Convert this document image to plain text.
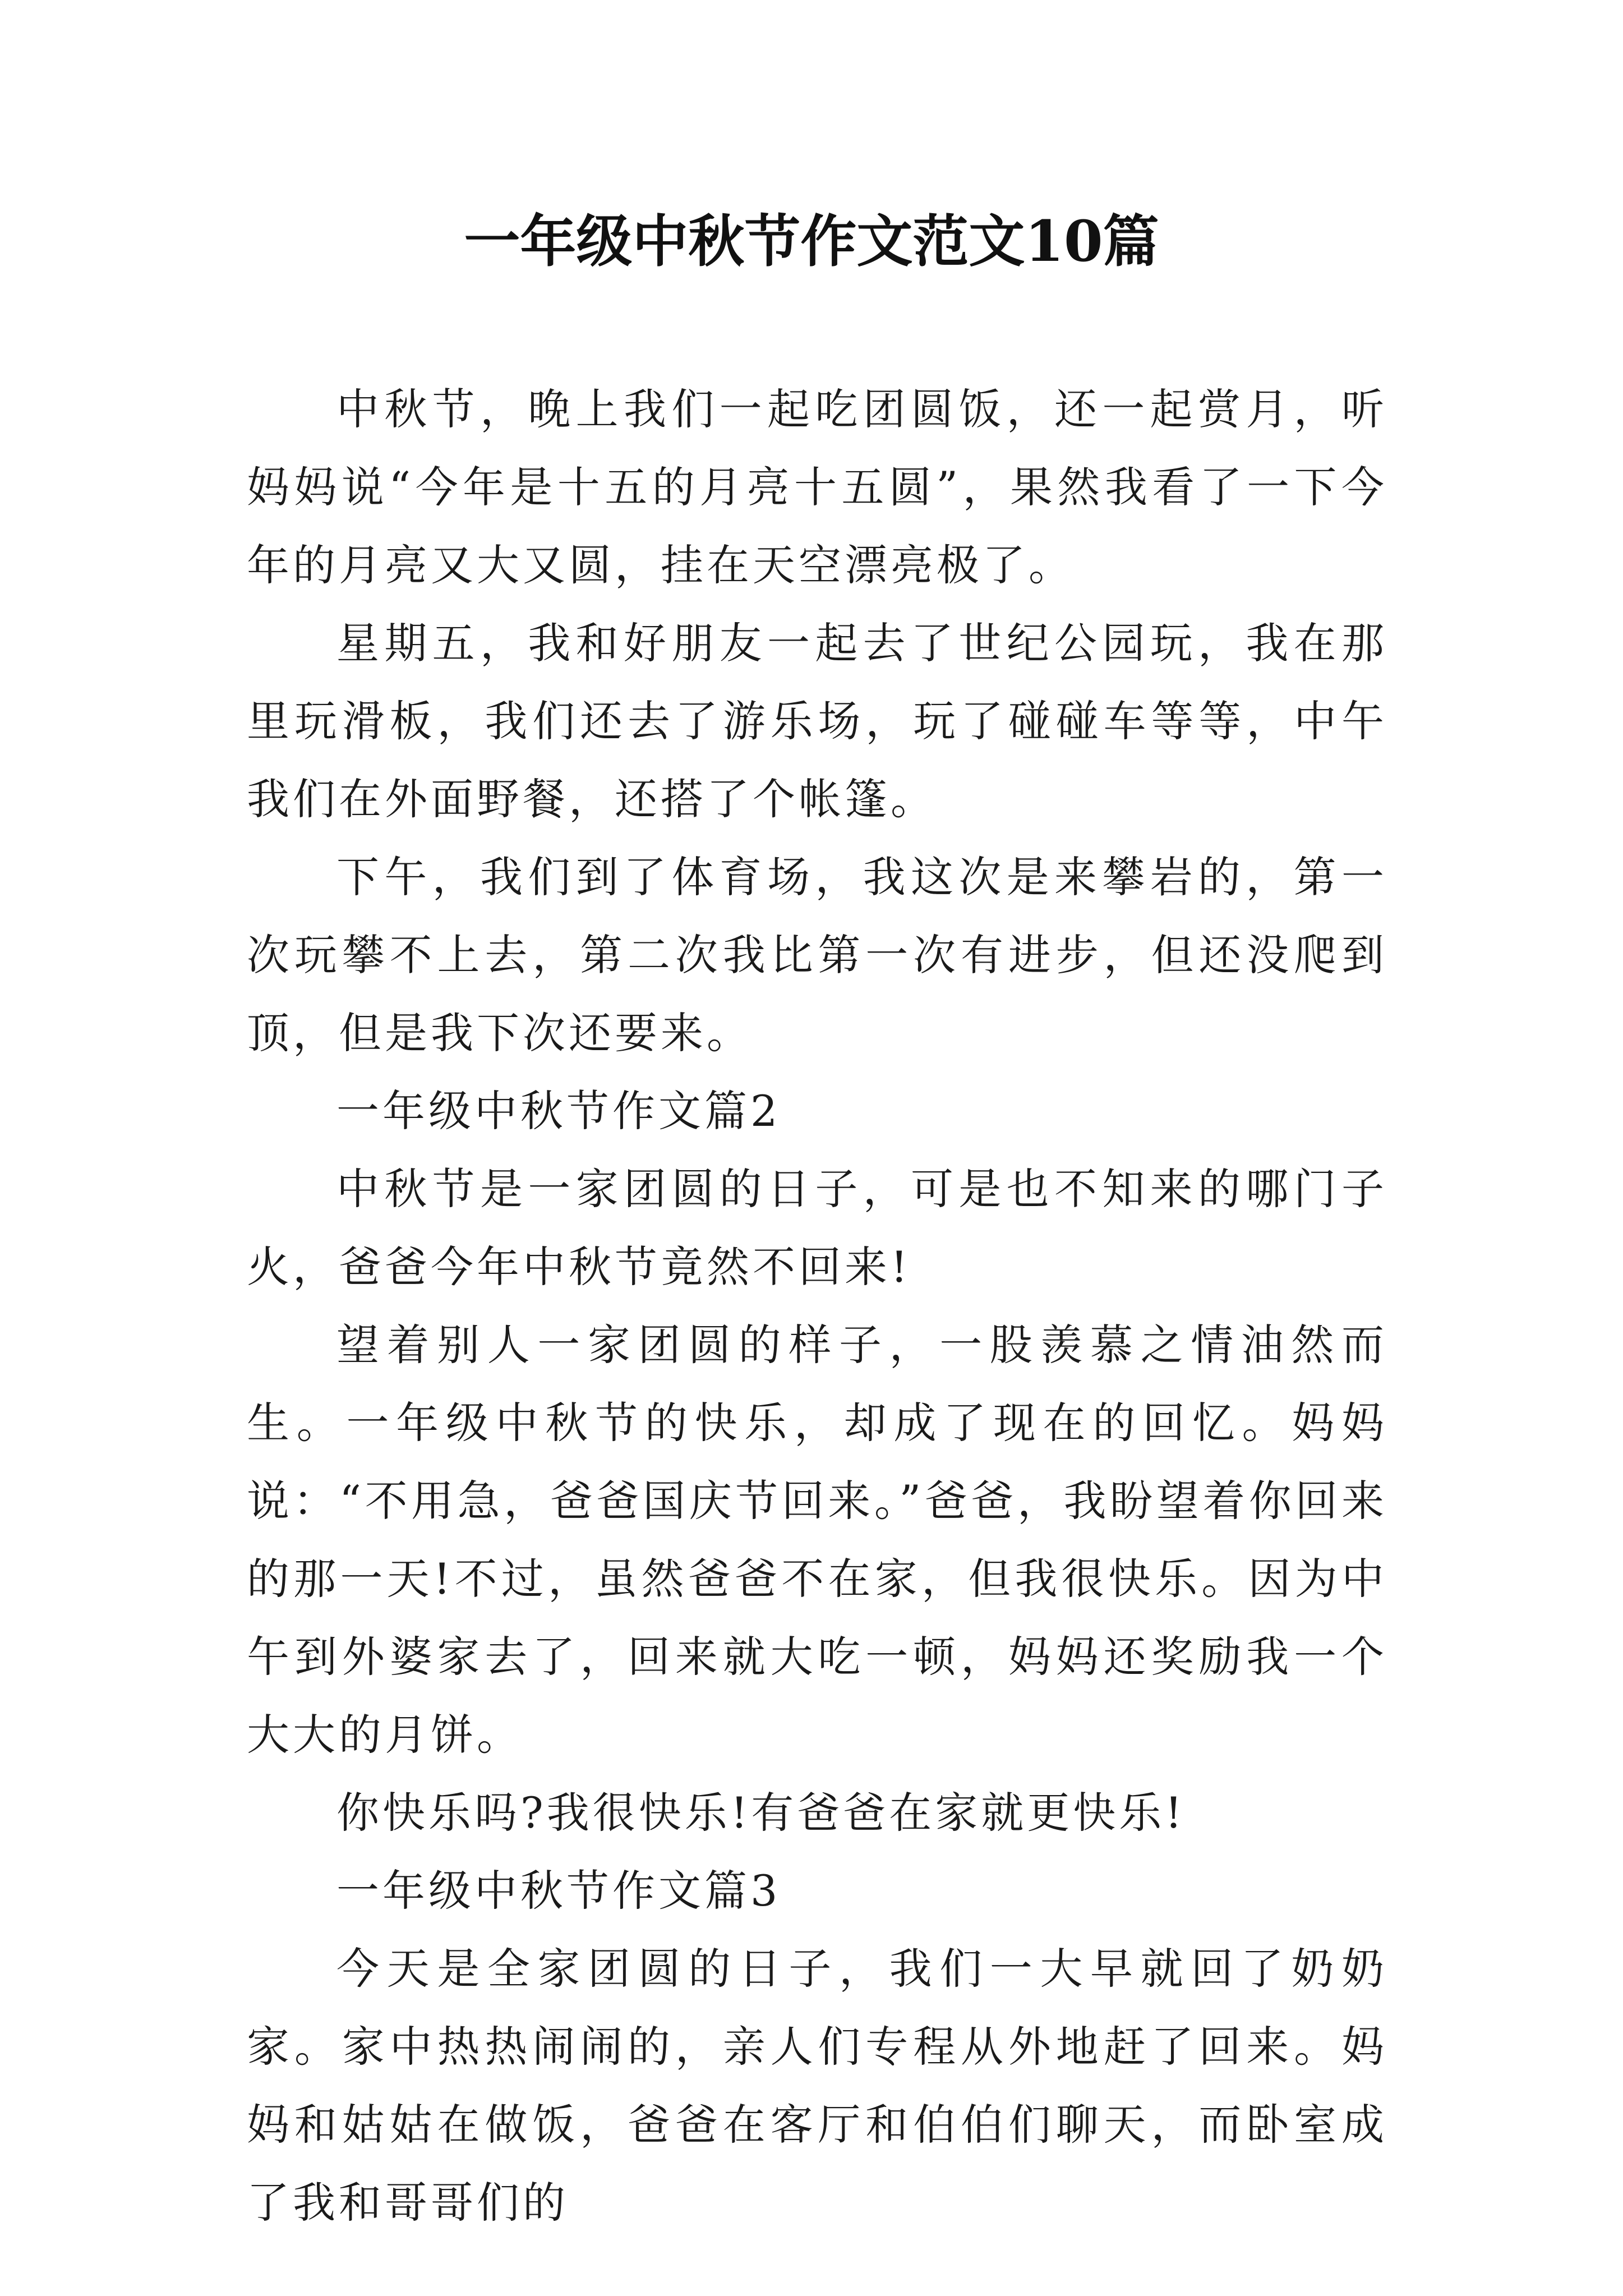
一年级中秋节作文范文10篇

中秋节，晚上我们一起吃团圆饭，还一起赏月，听妈妈说“今年是十五的月亮十五圆”，果然我看了一下今年的月亮又大又圆，挂在天空漂亮极了。

星期五，我和好朋友一起去了世纪公园玩，我在那里玩滑板，我们还去了游乐场，玩了碰碰车等等，中午我们在外面野餐，还搭了个帐篷。

下午，我们到了体育场，我这次是来攀岩的，第一次玩攀不上去，第二次我比第一次有进步，但还没爬到顶，但是我下次还要来。

一年级中秋节作文篇2

中秋节是一家团圆的日子，可是也不知来的哪门子火，爸爸今年中秋节竟然不回来!

望着别人一家团圆的样子，一股羡慕之情油然而生。一年级中秋节的快乐，却成了现在的回忆。妈妈说：“不用急，爸爸国庆节回来。”爸爸，我盼望着你回来的那一天!不过，虽然爸爸不在家，但我很快乐。因为中午到外婆家去了，回来就大吃一顿，妈妈还奖励我一个大大的月饼。

你快乐吗?我很快乐!有爸爸在家就更快乐!

一年级中秋节作文篇3

今天是全家团圆的日子，我们一大早就回了奶奶家。家中热热闹闹的，亲人们专程从外地赶了回来。妈妈和姑姑在做饭，爸爸在客厅和伯伯们聊天，而卧室成了我和哥哥们的
